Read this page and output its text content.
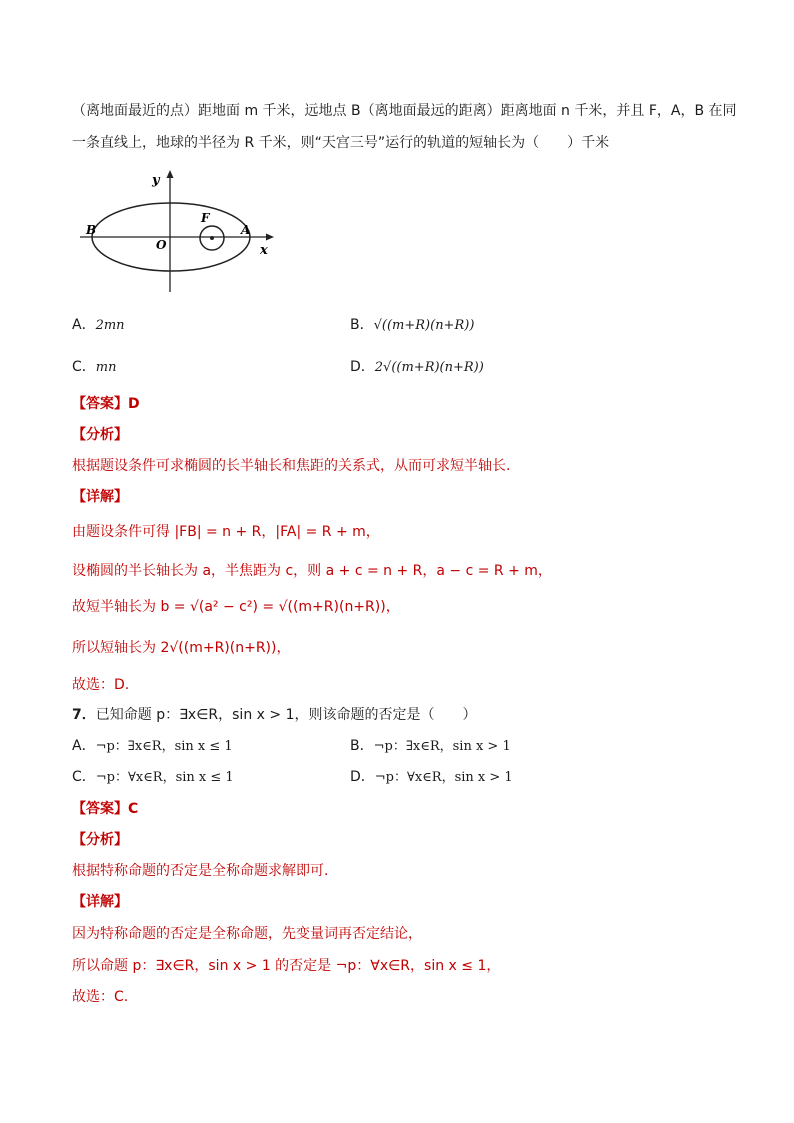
（离地面最近的点）距地面 m 千米，远地点 B（离地面最远的距离）距离地面 n 千米，并且 F，A，B 在同
一条直线上，地球的半径为 R 千米，则“天宫三号”运行的轨道的短轴长为（　　）千米
y
B
F
A
O	x
A．2mn	B．√((m+R)(n+R))
C．mn	D．2√((m+R)(n+R))
【答案】D
【分析】
根据题设条件可求椭圆的长半轴长和焦距的关系式，从而可求短半轴长.
【详解】
由题设条件可得 |FB| = n + R，|FA| = R + m，
设椭圆的半长轴长为 a，半焦距为 c，则 a + c = n + R，a − c = R + m，
故短半轴长为 b = √(a² − c²) = √((m+R)(n+R))，
所以短轴长为 2√((m+R)(n+R))，
故选：D.
7．已知命题 p：∃x∈R，sin x > 1，则该命题的否定是（　　）
A．¬p：∃x∈R，sin x ≤ 1	B．¬p：∃x∈R，sin x > 1
C．¬p：∀x∈R，sin x ≤ 1	D．¬p：∀x∈R，sin x > 1
【答案】C
【分析】
根据特称命题的否定是全称命题求解即可.
【详解】
因为特称命题的否定是全称命题，先变量词再否定结论，
所以命题 p：∃x∈R，sin x > 1 的否定是 ¬p：∀x∈R，sin x ≤ 1，
故选：C.
